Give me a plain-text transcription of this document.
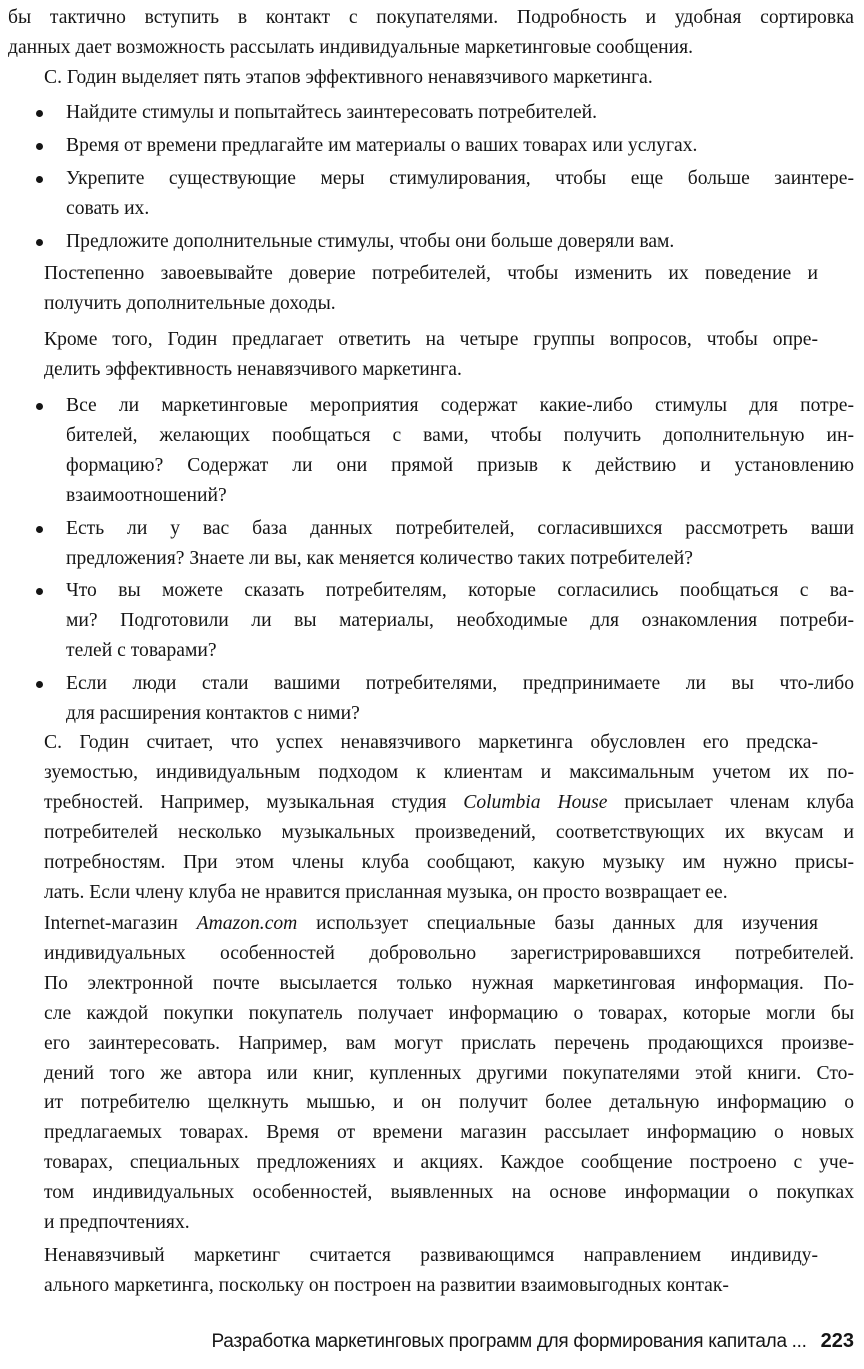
бы тактично вступить в контакт с покупателями. Подробность и удобная сортировка
данных дает возможность рассылать индивидуальные маркетинговые сообщения.
С. Годин выделяет пять этапов эффективного ненавязчивого маркетинга.
Найдите стимулы и попытайтесь заинтересовать потребителей.
Время от времени предлагайте им материалы о ваших товарах или услугах.
Укрепите существующие меры стимулирования, чтобы еще больше заинтере-
совать их.
Предложите дополнительные стимулы, чтобы они больше доверяли вам.
Постепенно завоевывайте доверие потребителей, чтобы изменить их поведение и
получить дополнительные доходы.
Кроме того, Годин предлагает ответить на четыре группы вопросов, чтобы опре-
делить эффективность ненавязчивого маркетинга.
Все ли маркетинговые мероприятия содержат какие-либо стимулы для потре-
бителей, желающих пообщаться с вами, чтобы получить дополнительную ин-
формацию? Содержат ли они прямой призыв к действию и установлению
взаимоотношений?
Есть ли у вас база данных потребителей, согласившихся рассмотреть ваши
предложения? Знаете ли вы, как меняется количество таких потребителей?
Что вы можете сказать потребителям, которые согласились пообщаться с ва-
ми? Подготовили ли вы материалы, необходимые для ознакомления потреби-
телей с товарами?
Если люди стали вашими потребителями, предпринимаете ли вы что-либо
для расширения контактов с ними?
С. Годин считает, что успех ненавязчивого маркетинга обусловлен его предска-
зуемостью, индивидуальным подходом к клиентам и максимальным учетом их по-
требностей. Например, музыкальная студия Columbia House присылает членам клуба
потребителей несколько музыкальных произведений, соответствующих их вкусам и
потребностям. При этом члены клуба сообщают, какую музыку им нужно присы-
лать. Если члену клуба не нравится присланная музыка, он просто возвращает ее.
Internet-магазин Amazon.com использует специальные базы данных для изучения
индивидуальных особенностей добровольно зарегистрировавшихся потребителей.
По электронной почте высылается только нужная маркетинговая информация. По-
сле каждой покупки покупатель получает информацию о товарах, которые могли бы
его заинтересовать. Например, вам могут прислать перечень продающихся произве-
дений того же автора или книг, купленных другими покупателями этой книги. Сто-
ит потребителю щелкнуть мышью, и он получит более детальную информацию о
предлагаемых товарах. Время от времени магазин рассылает информацию о новых
товарах, специальных предложениях и акциях. Каждое сообщение построено с уче-
том индивидуальных особенностей, выявленных на основе информации о покупках
и предпочтениях.
Ненавязчивый маркетинг считается развивающимся направлением индивиду-
ального маркетинга, поскольку он построен на развитии взаимовыгодных контак-
Разработка маркетинговых программ для формирования капитала ... 223
